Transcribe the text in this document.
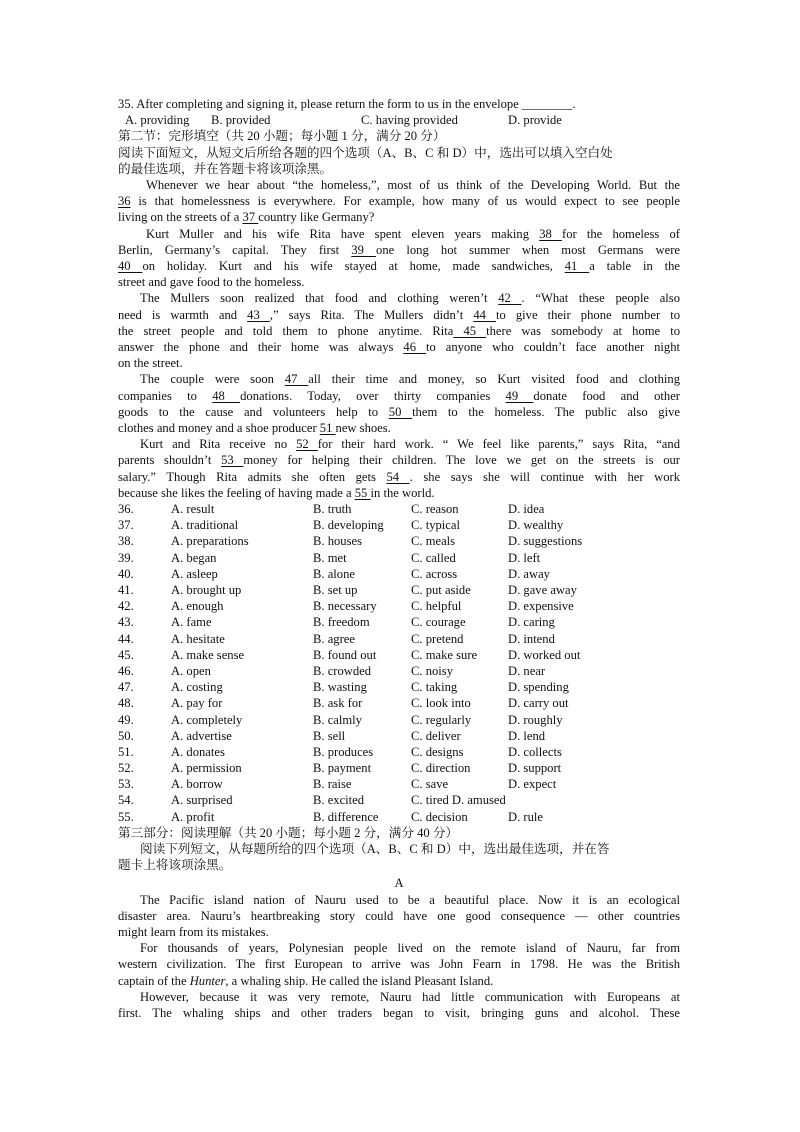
35. After completing and signing it, please return the form to us in the envelope ________.
A. providing B. provided	C. having provided	D. provide
第二节：完形填空（共 20 小题；每小题 1 分，满分 20 分）
阅读下面短文，从短文后所给各题的四个选项（A、B、C 和 D）中，选出可以填入空白处
的最佳选项，并在答题卡将该项涂黑。
Whenever we hear about “the homeless,”, most of us think of the Developing World. But the
36 is that homelessness is everywhere. For example, how many of us would expect to see people
living on the streets of a 37 country like Germany?
Kurt Muller and his wife Rita have spent eleven years making 38 for the homeless of
Berlin, Germany’s capital. They first 39 one long hot summer when most Germans were
40 on holiday. Kurt and his wife stayed at home, made sandwiches, 41 a table in the
street and gave food to the homeless.
The Mullers soon realized that food and clothing weren’t 42 . “What these people also
need is warmth and 43 ,” says Rita. The Mullers didn’t 44 to give their phone number to
the street people and told them to phone anytime. Rita 45 there was somebody at home to
answer the phone and their home was always 46 to anyone who couldn’t face another night
on the street.
The couple were soon 47 all their time and money, so Kurt visited food and clothing
companies to 48 donations. Today, over thirty companies 49 donate food and other
goods to the cause and volunteers help to 50 them to the homeless. The public also give
clothes and money and a shoe producer 51 new shoes.
Kurt and Rita receive no 52 for their hard work. “ We feel like parents,” says Rita, “and
parents shouldn’t 53 money for helping their children. The love we get on the streets is our
salary.” Though Rita admits she often gets 54 . she says she will continue with her work
because she likes the feeling of having made a 55 in the world.
36.	A. result	B. truth	C. reason	D. idea
37.	A. traditional	B. developing C. typical	D. wealthy
38.	A. preparations	B. houses	C. meals	D. suggestions
39.	A. began	B. met	C. called	D. left
40.	A. asleep	B. alone	C. across	D. away
41.	A. brought up	B. set up	C. put aside	D. gave away
42.	A. enough	B. necessary	C. helpful	D. expensive
43.	A. fame	B. freedom	C. courage	D. caring
44.	A. hesitate	B. agree	C. pretend	D. intend
45.	A. make sense	B. found out	C. make sure D. worked out
46.	A. open	B. crowded	C. noisy	D. near
47.	A. costing	B. wasting	C. taking	D. spending
48.	A. pay for	B. ask for	C. look into	D. carry out
49.	A. completely	B. calmly	C. regularly	D. roughly
50.	A. advertise	B. sell	C. deliver	D. lend
51.	A. donates	B. produces	C. designs	D. collects
52.	A. permission	B. payment	C. direction	D. support
53.	A. borrow	B. raise	C. save	D. expect
54.	A. surprised	B. excited	C. tired D. amused
55.	A. profit	B. difference	C. decision	D. rule
第三部分：阅读理解（共 20 小题；每小题 2 分，满分 40 分）
阅读下列短文，从每题所给的四个选项（A、B、C 和 D）中，选出最佳选项，并在答
题卡上将该项涂黑。
A
The Pacific island nation of Nauru used to be a beautiful place. Now it is an ecological
disaster area. Nauru’s heartbreaking story could have one good consequence — other countries
might learn from its mistakes.
For thousands of years, Polynesian people lived on the remote island of Nauru, far from
western civilization. The first European to arrive was John Fearn in 1798. He was the British
captain of the Hunter, a whaling ship. He called the island Pleasant Island.
However, because it was very remote, Nauru had little communication with Europeans at
first. The whaling ships and other traders began to visit, bringing guns and alcohol. These
